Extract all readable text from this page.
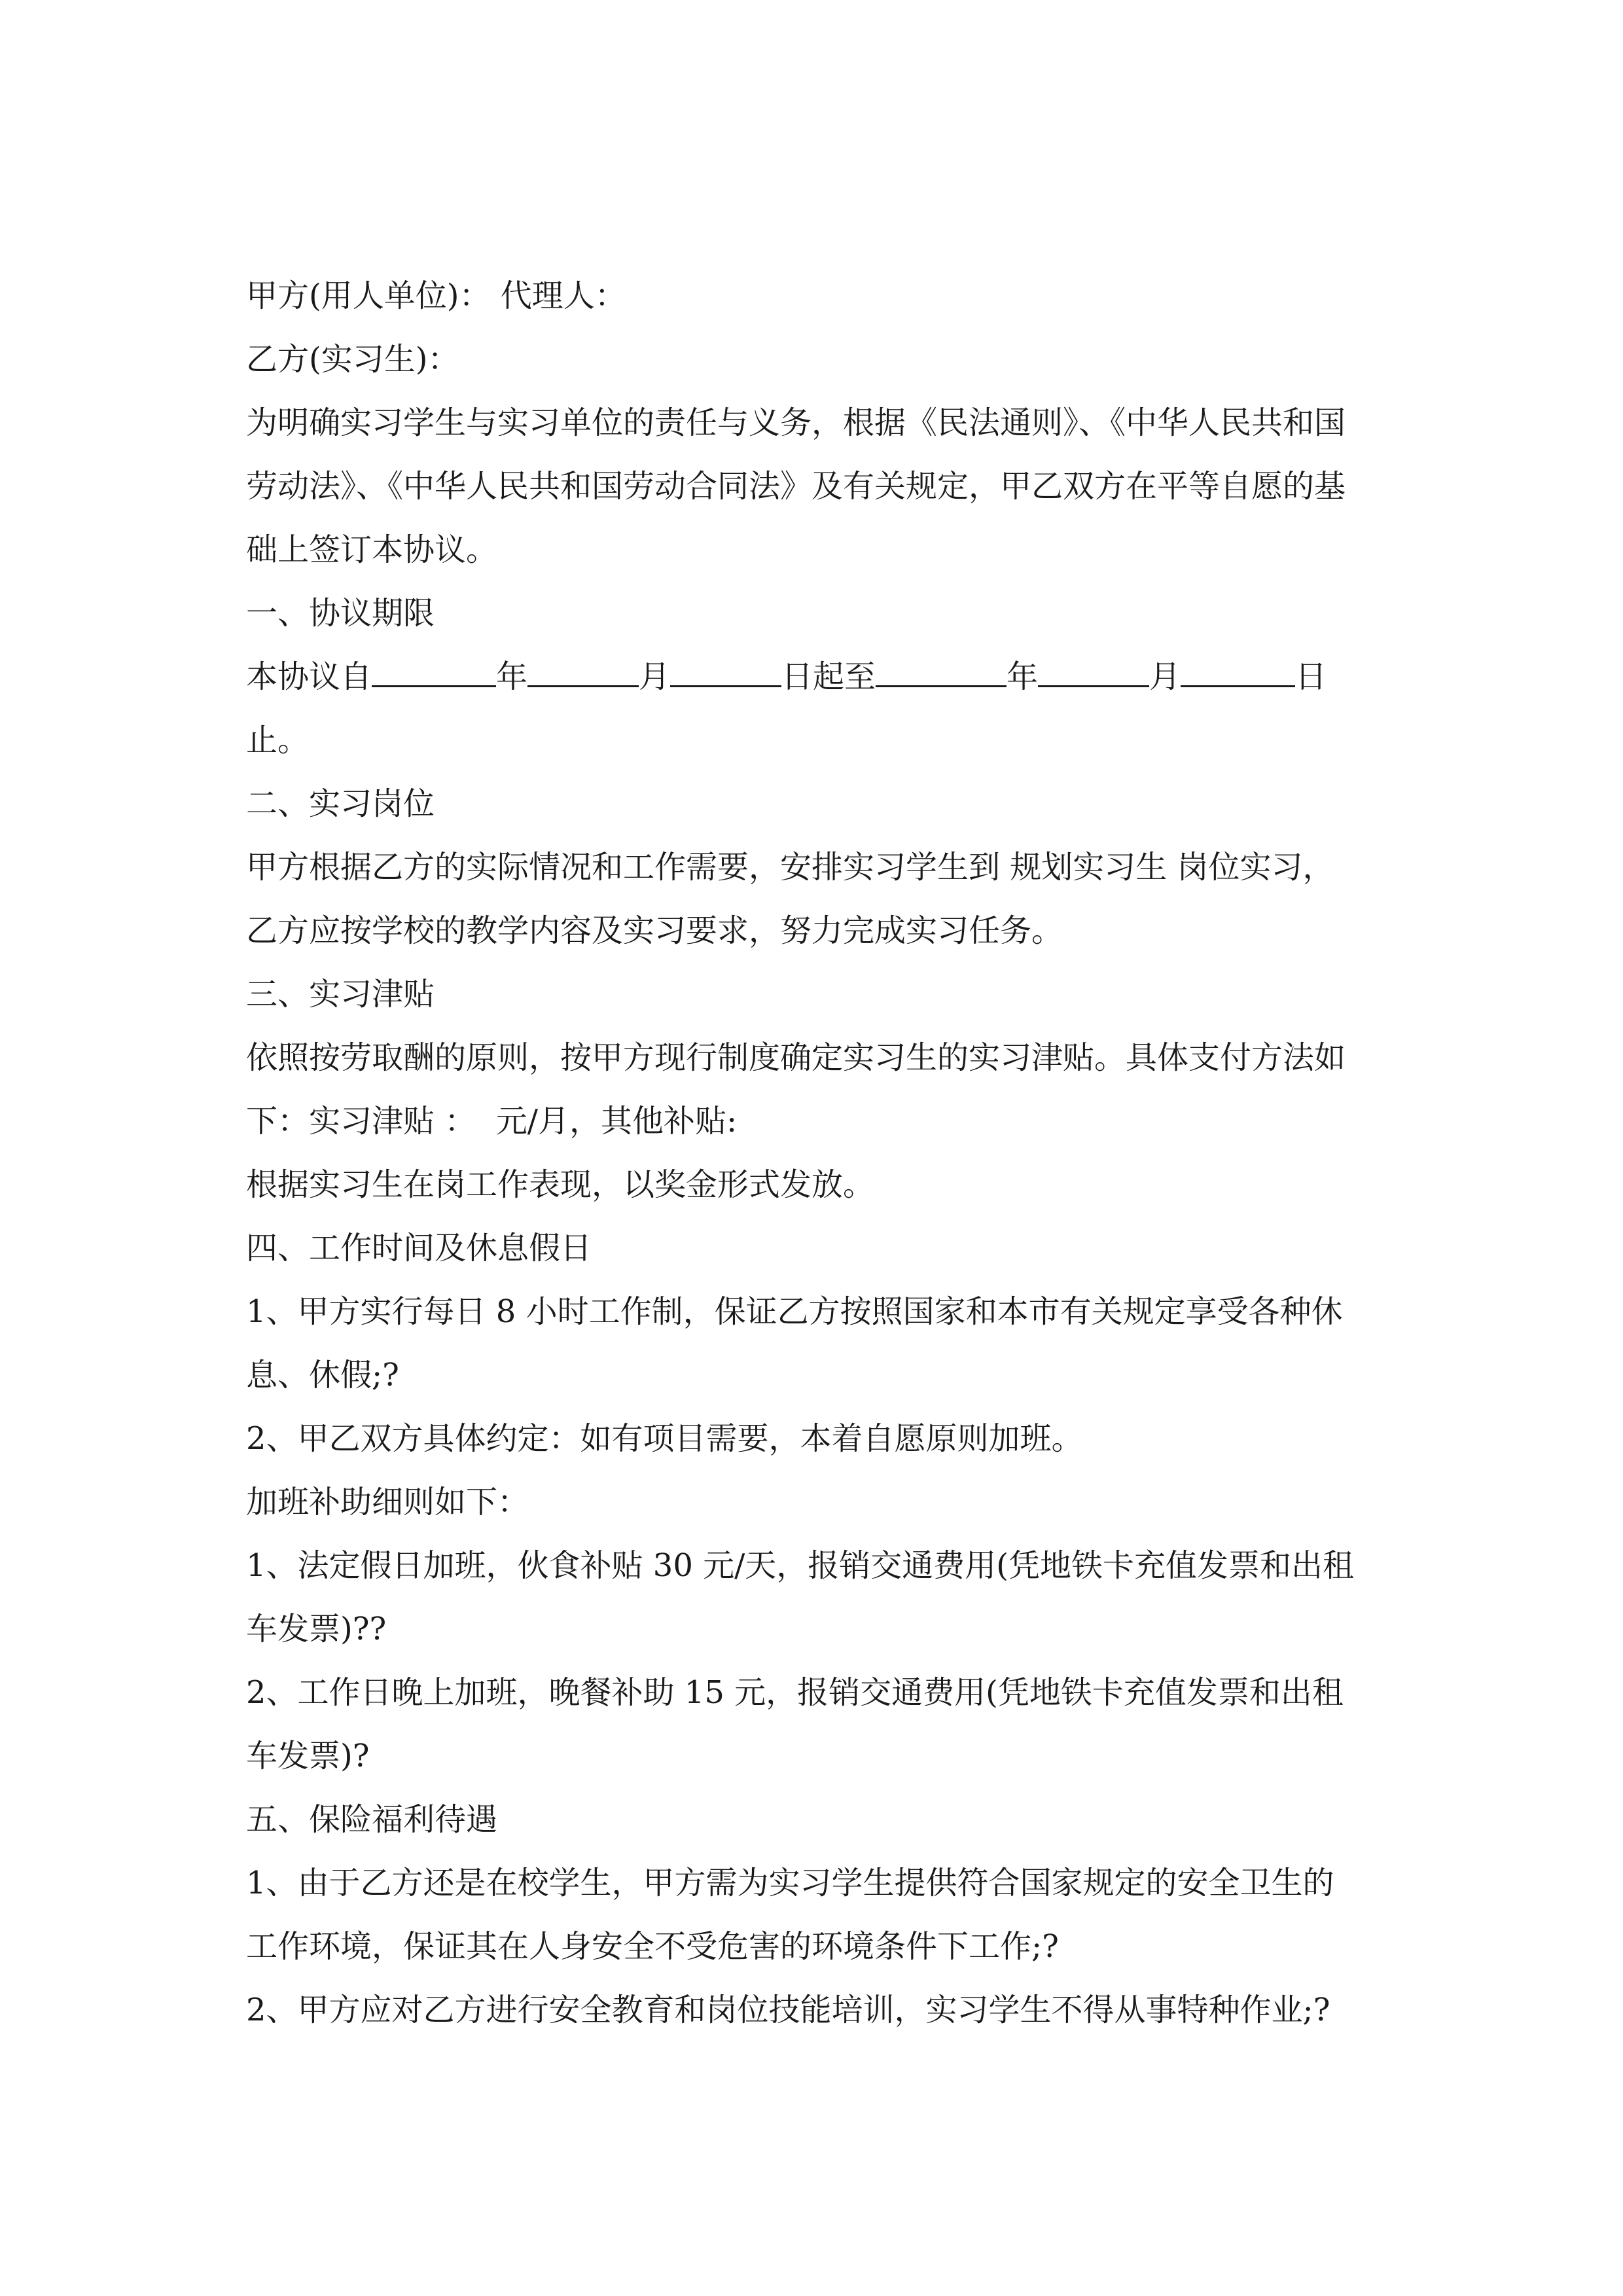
甲方(用人单位)： 代理人：

乙方(实习生)：

为明确实习学生与实习单位的责任与义务，根据《民法通则》、《中华人民共和国

劳动法》、《中华人民共和国劳动合同法》及有关规定，甲乙双方在平等自愿的基

础上签订本协议。

一、协议期限

本协议自	年	月	日起至	年	月	日

止。

二、实习岗位

甲方根据乙方的实际情况和工作需要，安排实习学生到 规划实习生 岗位实习，

乙方应按学校的教学内容及实习要求，努力完成实习任务。

三、实习津贴

依照按劳取酬的原则，按甲方现行制度确定实习生的实习津贴。具体支付方法如

下：实习津贴 ：  元/月，其他补贴:

根据实习生在岗工作表现，以奖金形式发放。

四、工作时间及休息假日

1、甲方实行每日 8 小时工作制，保证乙方按照国家和本市有关规定享受各种休

息、休假;?

2、甲乙双方具体约定：如有项目需要，本着自愿原则加班。

加班补助细则如下：

1、法定假日加班，伙食补贴 30 元/天，报销交通费用(凭地铁卡充值发票和出租

车发票)??

2、工作日晚上加班，晚餐补助 15 元，报销交通费用(凭地铁卡充值发票和出租

车发票)?

五、保险福利待遇

1、由于乙方还是在校学生，甲方需为实习学生提供符合国家规定的安全卫生的

工作环境，保证其在人身安全不受危害的环境条件下工作;?

2、甲方应对乙方进行安全教育和岗位技能培训，实习学生不得从事特种作业;?
